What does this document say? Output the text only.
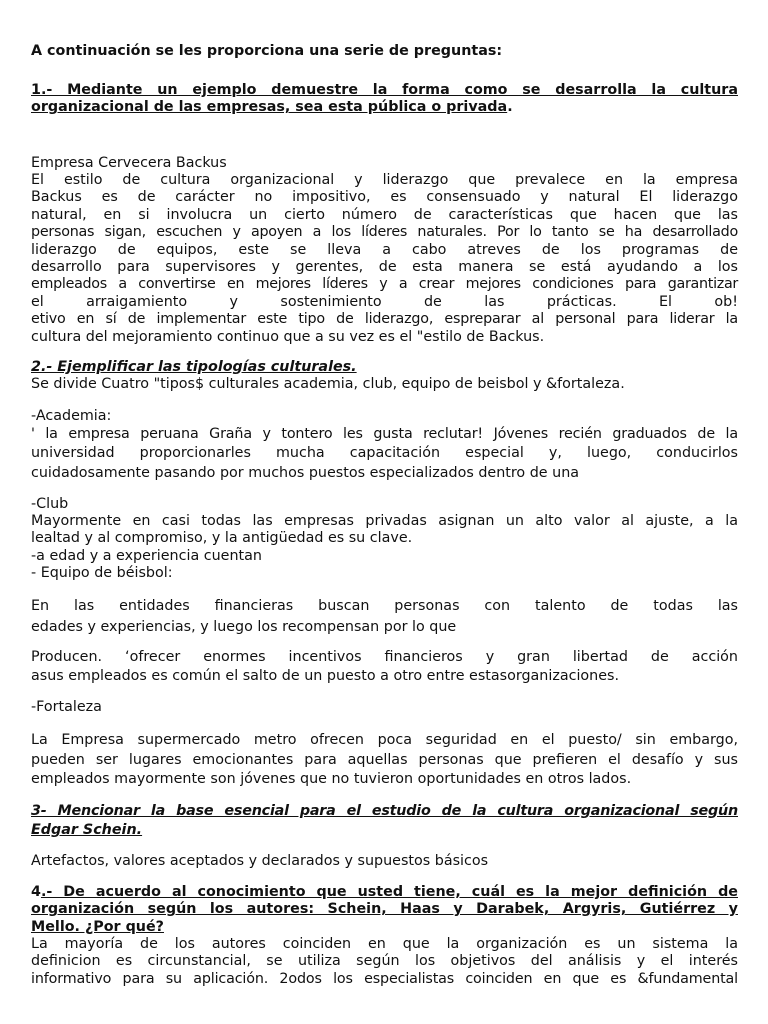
A continuación se les proporciona una serie de preguntas:
1.- Mediante un ejemplo demuestre la forma como se desarrolla la cultura
organizacional de las empresas, sea esta pública o privada.
Empresa Cervecera Backus
El estilo de cultura organizacional y liderazgo que prevalece en la empresa
Backus es de carácter no impositivo, es consensuado y natural El liderazgo
natural, en si involucra un cierto número de características que hacen que las
personas sigan, escuchen y apoyen a los líderes naturales. Por lo tanto se ha desarrollado
liderazgo de equipos, este se lleva a cabo atreves de los programas de
desarrollo para supervisores y gerentes, de esta manera se está ayudando a los
empleados a convertirse en mejores líderes y a crear mejores condiciones para garantizar
el arraigamiento y sostenimiento de las prácticas. El ob!
etivo en sí de implementar este tipo de liderazgo, espreparar al personal para liderar la
cultura del mejoramiento continuo que a su vez es el "estilo de Backus.
2.- Ejemplificar las tipologías culturales.
Se divide Cuatro "tipos$ culturales academia, club, equipo de beisbol y &fortaleza.
-Academia:
' la empresa peruana Graña y tontero les gusta reclutar! Jóvenes recién graduados de la
universidad proporcionarles mucha capacitación especial y, luego, conducirlos
cuidadosamente pasando por muchos puestos especializados dentro de una
-Club
Mayormente en casi todas las empresas privadas asignan un alto valor al ajuste, a la
lealtad y al compromiso, y la antigüedad es su clave.
-a edad y a experiencia cuentan
- Equipo de béisbol:
En las entidades financieras buscan personas con talento de todas las
edades y experiencias, y luego los recompensan por lo que
Producen. ‘ofrecer enormes incentivos financieros y gran libertad de acción
asus empleados es común el salto de un puesto a otro entre estasorganizaciones.
-Fortaleza
La Empresa supermercado metro ofrecen poca seguridad en el puesto/ sin embargo,
pueden ser lugares emocionantes para aquellas personas que prefieren el desafío y sus
empleados mayormente son jóvenes que no tuvieron oportunidades en otros lados.
3- Mencionar la base esencial para el estudio de la cultura organizacional según
Edgar Schein.
Artefactos, valores aceptados y declarados y supuestos básicos
4.- De acuerdo al conocimiento que usted tiene, cuál es la mejor definición de
organización según los autores: Schein, Haas y Darabek, Argyris, Gutiérrez y
Mello. ¿Por qué?
La mayoría de los autores coinciden en que la organización es un sistema la
definicion es circunstancial, se utiliza según los objetivos del análisis y el interés
informativo para su aplicación. 2odos los especialistas coinciden en que es &fundamental
